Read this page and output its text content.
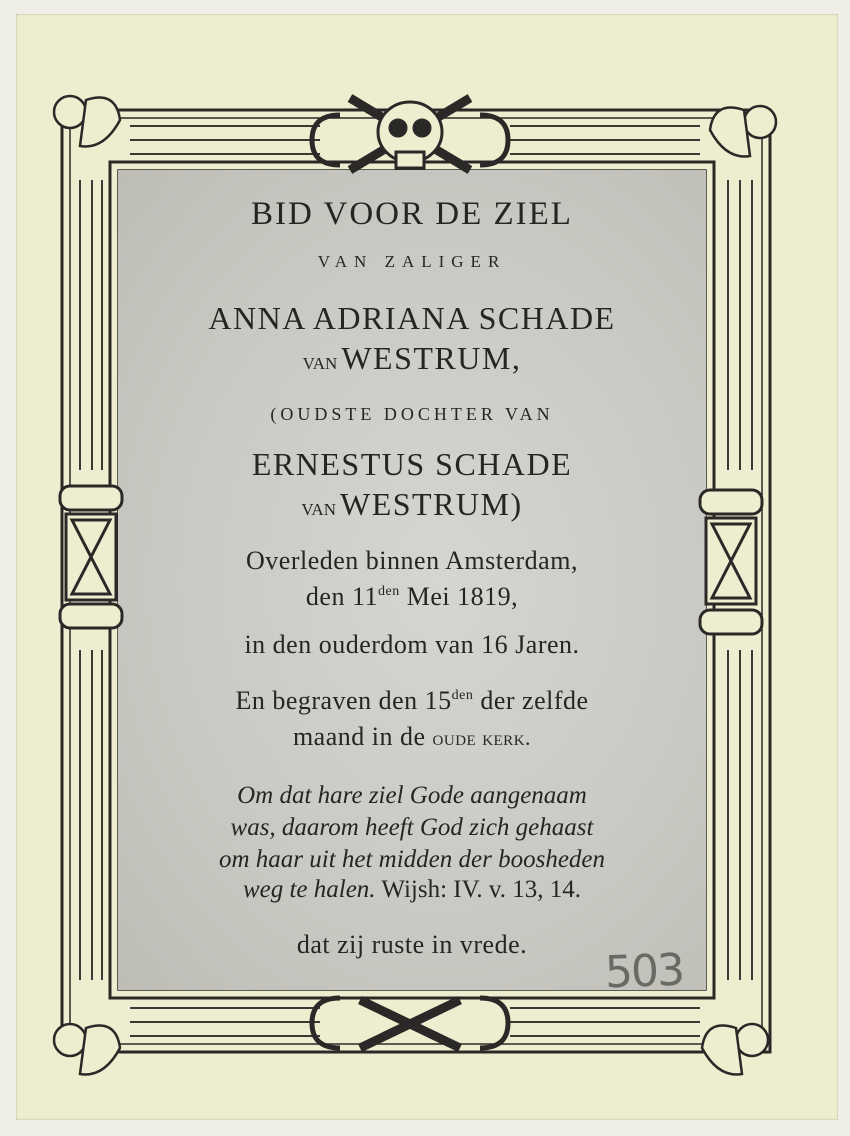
BID VOOR DE ZIEL
VAN ZALIGER
ANNA ADRIANA SCHADE
van WESTRUM,
(OUDSTE DOCHTER VAN
ERNESTUS SCHADE
van WESTRUM)
Overleden binnen Amsterdam,
den $11^{den}$ Mei 1819,
in den ouderdom van 16 Jaren.
En begraven den $15^{den}$ der zelfde
maand in de oude kerk.
Om dat hare ziel Gode aangenaam
was, daarom heeft God zich gehaast
om haar uit het midden der boosheden
weg te halen. Wijsh: IV. v. 13, 14.
dat zij ruste in vrede.
503
